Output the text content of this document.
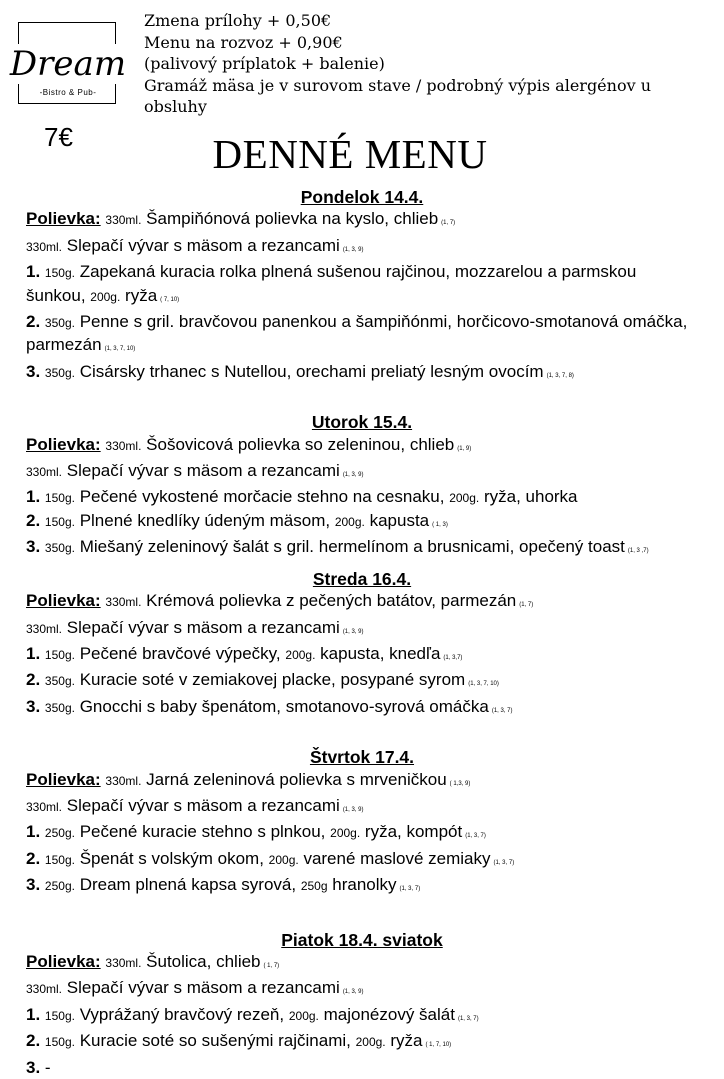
Dream
-Bistro & Pub-
7€
Zmena prílohy + 0,50€
Menu na rozvoz + 0,90€
(palivový príplatok + balenie)
Gramáž mäsa je v surovom stave / podrobný výpis alergénov u obsluhy
DENNÉ MENU
Pondelok 14.4.
Polievka: 330ml. Šampiňónová polievka na kyslo, chlieb (1, 7)
330ml. Slepačí vývar s mäsom a rezancami (1, 3, 9)
1. 150g. Zapekaná kuracia rolka plnená sušenou rajčinou, mozzarelou a parmskou šunkou, 200g. ryža ( 7, 10)
2. 350g. Penne s gril. bravčovou panenkou a šampiňónmi, horčicovo-smotanová omáčka, parmezán (1, 3, 7, 10)
3. 350g. Cisársky trhanec s Nutellou, orechami preliatý lesným ovocím (1, 3, 7, 8)
Utorok 15.4.
Polievka: 330ml. Šošovicová polievka so zeleninou, chlieb (1, 9)
330ml. Slepačí vývar s mäsom a rezancami (1, 3, 9)
1. 150g. Pečené vykostené morčacie stehno na cesnaku, 200g. ryža, uhorka
2. 150g. Plnené knedlíky údeným mäsom, 200g. kapusta ( 1, 3)
3. 350g. Miešaný zeleninový šalát s gril. hermelínom a brusnicami, opečený toast (1, 3 ,7)
Streda 16.4.
Polievka: 330ml. Krémová polievka z pečených batátov, parmezán (1, 7)
330ml. Slepačí vývar s mäsom a rezancami (1, 3, 9)
1. 150g. Pečené bravčové výpečky, 200g. kapusta, knedľa (1, 3,7)
2. 350g. Kuracie soté v zemiakovej placke, posypané syrom (1, 3, 7, 10)
3. 350g. Gnocchi s baby špenátom, smotanovo-syrová omáčka (1, 3, 7)
Štvrtok 17.4.
Polievka: 330ml. Jarná zeleninová polievka s mrveničkou ( 1,3, 9)
330ml. Slepačí vývar s mäsom a rezancami (1, 3, 9)
1. 250g. Pečené kuracie stehno s plnkou, 200g. ryža, kompót (1, 3, 7)
2. 150g. Špenát s volským okom, 200g. varené maslové zemiaky (1, 3, 7)
3. 250g. Dream plnená kapsa syrová, 250g hranolky (1, 3, 7)
Piatok 18.4. sviatok
Polievka: 330ml. Šutolica, chlieb ( 1, 7)
330ml. Slepačí vývar s mäsom a rezancami (1, 3, 9)
1. 150g. Vyprážaný bravčový rezeň, 200g. majonézový šalát (1, 3, 7)
2. 150g. Kuracie soté so sušenými rajčinami, 200g. ryža ( 1, 7, 10)
3. -
